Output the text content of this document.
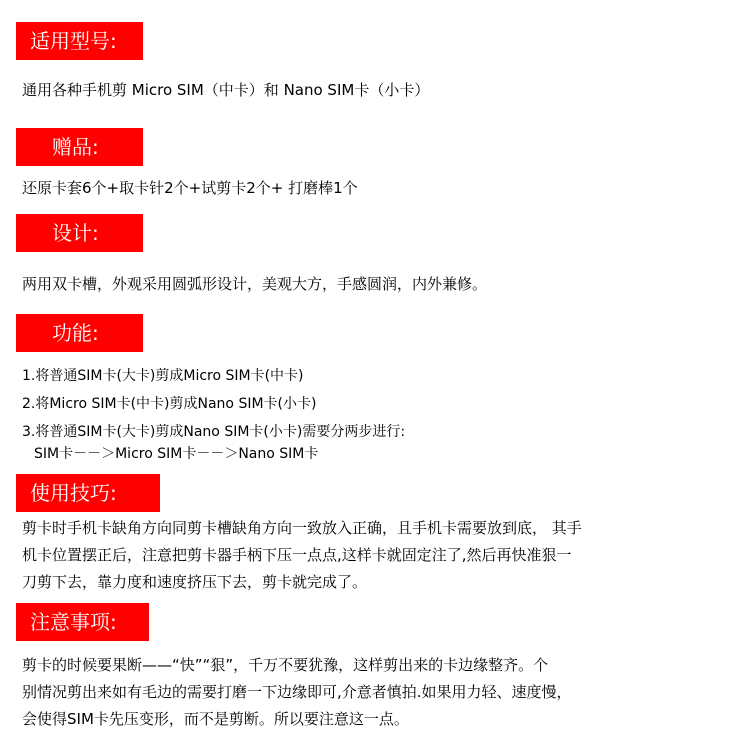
适用型号:
通用各种手机剪 Micro SIM（中卡）和 Nano SIM卡（小卡）
赠品:
还原卡套6个+取卡针2个+试剪卡2个+ 打磨棒1个
设计:
两用双卡槽，外观采用圆弧形设计，美观大方，手感圆润，内外兼修。
功能:
1.将普通SIM卡(大卡)剪成Micro SIM卡(中卡)
2.将Micro SIM卡(中卡)剪成Nano SIM卡(小卡)
3.将普通SIM卡(大卡)剪成Nano SIM卡(小卡)需要分两步进行:
SIM卡－－＞Micro SIM卡－－＞Nano SIM卡
使用技巧:
剪卡时手机卡缺角方向同剪卡槽缺角方向一致放入正确，且手机卡需要放到底， 其手
机卡位置摆正后，注意把剪卡器手柄下压一点点,这样卡就固定注了,然后再快准狠一
刀剪下去，靠力度和速度挤压下去，剪卡就完成了。
注意事项:
剪卡的时候要果断——“快”“狠”，千万不要犹豫，这样剪出来的卡边缘整齐。个
别情况剪出来如有毛边的需要打磨一下边缘即可,介意者慎拍.如果用力轻、速度慢，
会使得SIM卡先压变形，而不是剪断。所以要注意这一点。
